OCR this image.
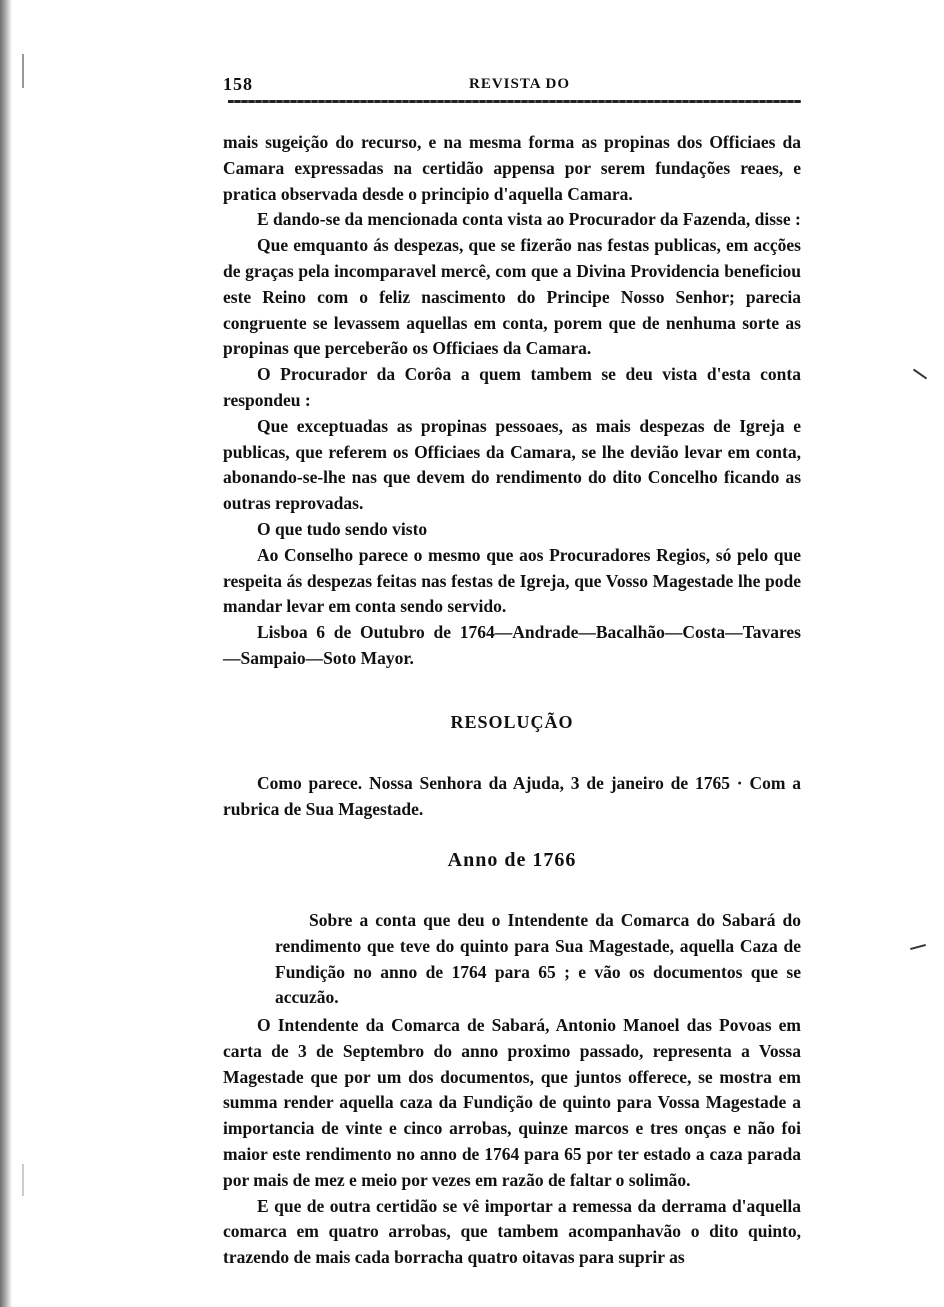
158	REVISTA DO

mais sugeição do recurso, e na mesma forma as propinas dos Officiaes da Camara expressadas na certidão appensa por serem fundações reaes, e pratica observada desde o principio d'aquella Camara.

E dando-se da mencionada conta vista ao Procurador da Fazenda, disse :

Que emquanto ás despezas, que se fizerão nas festas publicas, em acções de graças pela incomparavel mercê, com que a Divina Providencia beneficiou este Reino com o feliz nascimento do Principe Nosso Senhor; parecia congruente se levassem aquellas em conta, porem que de nenhuma sorte as propinas que perceberão os Officiaes da Camara.

O Procurador da Corôa a quem tambem se deu vista d'esta conta respondeu :

Que exceptuadas as propinas pessoaes, as mais despezas de Igreja e publicas, que referem os Officiaes da Camara, se lhe devião levar em conta, abonando-se-lhe nas que devem do rendimento do dito Concelho ficando as outras reprovadas.

O que tudo sendo visto

Ao Conselho parece o mesmo que aos Procuradores Regios, só pelo que respeita ás despezas feitas nas festas de Igreja, que Vosso Magestade lhe pode mandar levar em conta sendo servido.

Lisboa 6 de Outubro de 1764—Andrade—Bacalhão—Costa—Tavares —Sampaio—Soto Mayor.

RESOLUÇÃO

Como parece. Nossa Senhora da Ajuda, 3 de janeiro de 1765 · Com a rubrica de Sua Magestade.

Anno de 1766

Sobre a conta que deu o Intendente da Comarca do Sabará do rendimento que teve do quinto para Sua Magestade, aquella Caza de Fundição no anno de 1764 para 65 ; e vão os documentos que se accuzão.

O Intendente da Comarca de Sabará, Antonio Manoel das Povoas em carta de 3 de Septembro do anno proximo passado, representa a Vossa Magestade que por um dos documentos, que juntos offerece, se mostra em summa render aquella caza da Fundição de quinto para Vossa Magestade a importancia de vinte e cinco arrobas, quinze marcos e tres onças e não foi maior este rendimento no anno de 1764 para 65 por ter estado a caza parada por mais de mez e meio por vezes em razão de faltar o solimão.

E que de outra certidão se vê importar a remessa da derrama d'aquella comarca em quatro arrobas, que tambem acompanhavão o dito quinto, trazendo de mais cada borracha quatro oitavas para suprir as
